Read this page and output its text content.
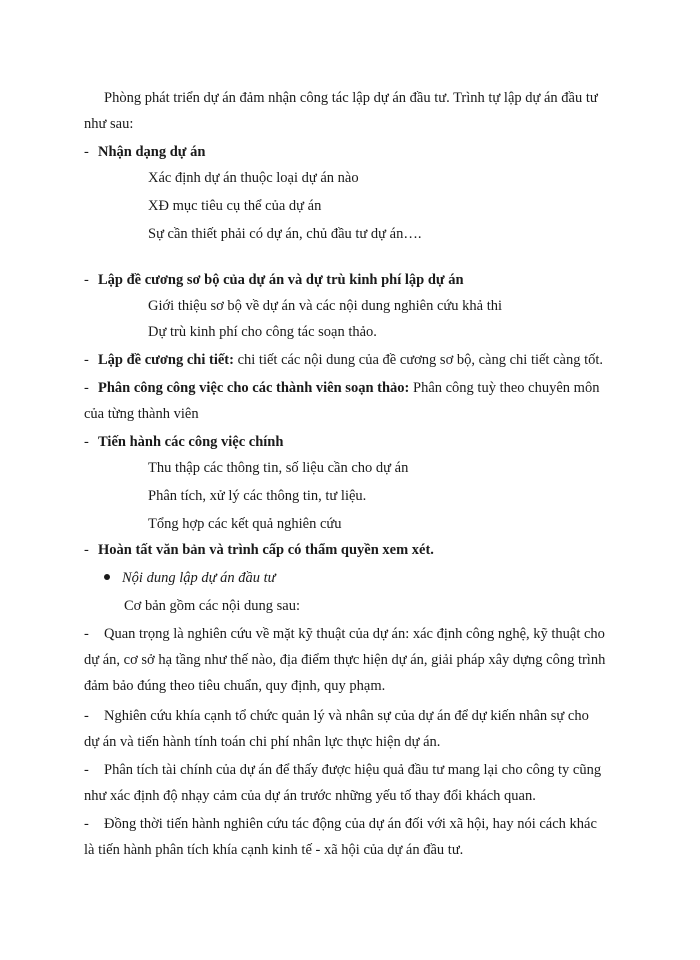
Phòng phát triển dự án đảm nhận công tác lập dự án đầu tư. Trình tự lập dự án đầu tư
như sau:
- Nhận dạng dự án
Xác định dự án thuộc loại dự án nào
XĐ mục tiêu cụ thể của dự án
Sự cần thiết phải có dự án, chủ đầu tư dự án….
- Lập đề cương sơ bộ của dự án và dự trù kinh phí lập dự án
Giới thiệu sơ bộ về dự án và các nội dung nghiên cứu khả thi
Dự trù kinh phí cho công tác soạn thảo.
- Lập đề cương chi tiết: chi tiết các nội dung của đề cương sơ bộ, càng chi tiết càng tốt.
- Phân công công việc cho các thành viên soạn thảo: Phân công tuỳ theo chuyên môn
của từng thành viên
- Tiến hành các công việc chính
Thu thập các thông tin, số liệu cần cho dự án
Phân tích, xử lý các thông tin, tư liệu.
Tổng hợp các kết quả nghiên cứu
- Hoàn tất văn bản và trình cấp có thẩm quyền xem xét.
Nội dung lập dự án đầu tư
Cơ bản gồm các nội dung sau:
- Quan trọng là nghiên cứu về mặt kỹ thuật của dự án: xác định công nghệ, kỹ thuật cho
dự án, cơ sở hạ tầng như thế nào, địa điểm thực hiện dự án, giải pháp xây dựng công trình
đảm bảo đúng theo tiêu chuẩn, quy định, quy phạm.
- Nghiên cứu khía cạnh tổ chức quản lý và nhân sự của dự án để dự kiến nhân sự cho
dự án và tiến hành tính toán chi phí nhân lực thực hiện dự án.
- Phân tích tài chính của dự án để thấy được hiệu quả đầu tư mang lại cho công ty cũng
như xác định độ nhạy cảm của dự án trước những yếu tố thay đổi khách quan.
- Đồng thời tiến hành nghiên cứu tác động của dự án đối với xã hội, hay nói cách khác
là tiến hành phân tích khía cạnh kinh tế - xã hội của dự án đầu tư.
